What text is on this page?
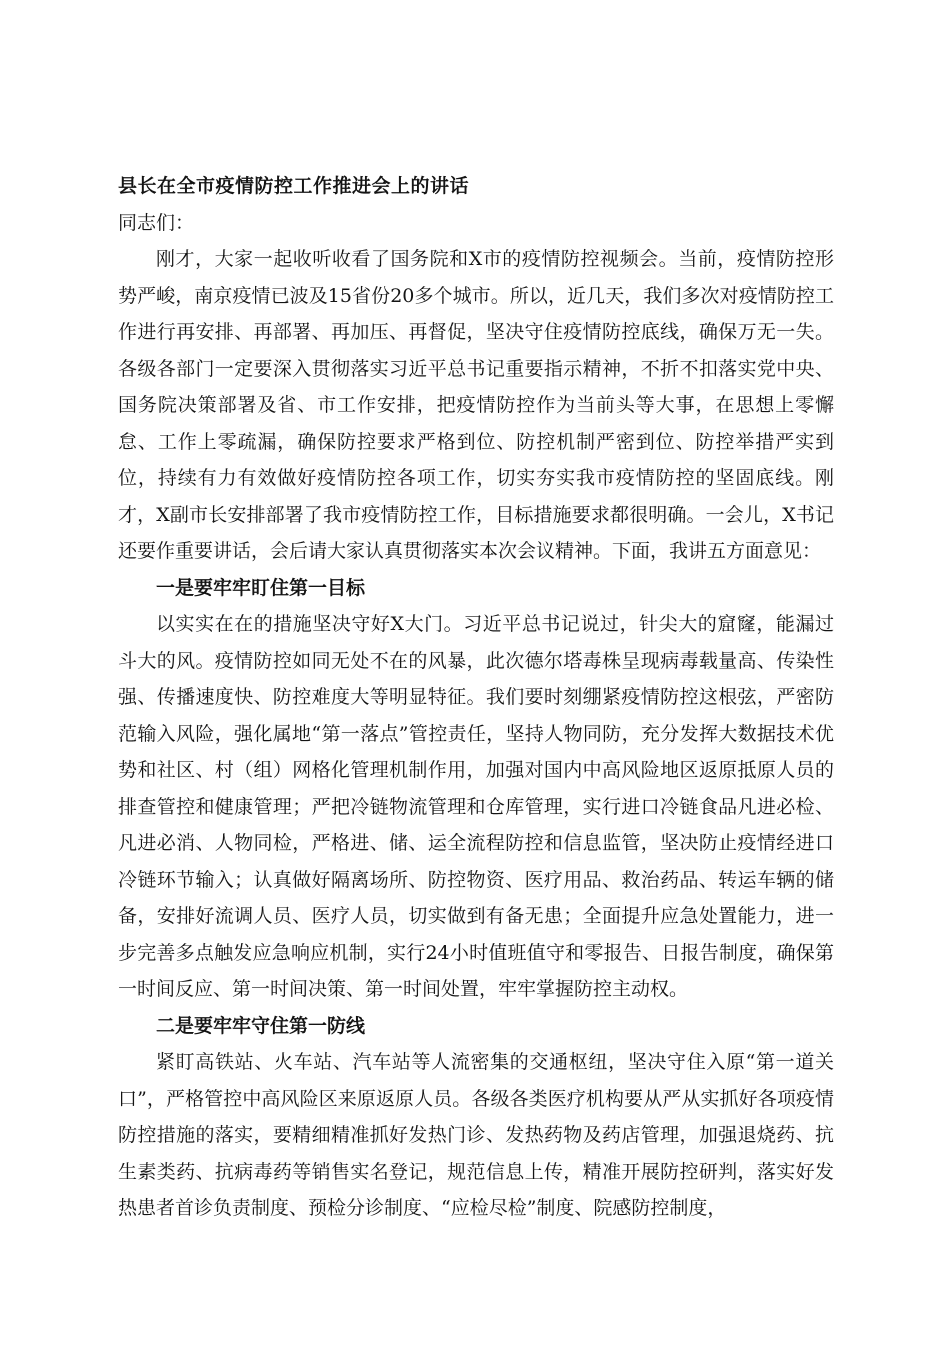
县长在全市疫情防控工作推进会上的讲话

同志们：

刚才，大家一起收听收看了国务院和X市的疫情防控视频会。当前，疫情防控形势严峻，南京疫情已波及15省份20多个城市。所以，近几天，我们多次对疫情防控工作进行再安排、再部署、再加压、再督促，坚决守住疫情防控底线，确保万无一失。各级各部门一定要深入贯彻落实习近平总书记重要指示精神，不折不扣落实党中央、国务院决策部署及省、市工作安排，把疫情防控作为当前头等大事，在思想上零懈怠、工作上零疏漏，确保防控要求严格到位、防控机制严密到位、防控举措严实到位，持续有力有效做好疫情防控各项工作，切实夯实我市疫情防控的坚固底线。刚才，X副市长安排部署了我市疫情防控工作，目标措施要求都很明确。一会儿，X书记还要作重要讲话，会后请大家认真贯彻落实本次会议精神。下面，我讲五方面意见：

一是要牢牢盯住第一目标

以实实在在的措施坚决守好X大门。习近平总书记说过，针尖大的窟窿，能漏过斗大的风。疫情防控如同无处不在的风暴，此次德尔塔毒株呈现病毒载量高、传染性强、传播速度快、防控难度大等明显特征。我们要时刻绷紧疫情防控这根弦，严密防范输入风险，强化属地“第一落点”管控责任，坚持人物同防，充分发挥大数据技术优势和社区、村（组）网格化管理机制作用，加强对国内中高风险地区返原抵原人员的排查管控和健康管理；严把冷链物流管理和仓库管理，实行进口冷链食品凡进必检、凡进必消、人物同检，严格进、储、运全流程防控和信息监管，坚决防止疫情经进口冷链环节输入；认真做好隔离场所、防控物资、医疗用品、救治药品、转运车辆的储备，安排好流调人员、医疗人员，切实做到有备无患；全面提升应急处置能力，进一步完善多点触发应急响应机制，实行24小时值班值守和零报告、日报告制度，确保第一时间反应、第一时间决策、第一时间处置，牢牢掌握防控主动权。

二是要牢牢守住第一防线

紧盯高铁站、火车站、汽车站等人流密集的交通枢纽，坚决守住入原“第一道关口”，严格管控中高风险区来原返原人员。各级各类医疗机构要从严从实抓好各项疫情防控措施的落实，要精细精准抓好发热门诊、发热药物及药店管理，加强退烧药、抗生素类药、抗病毒药等销售实名登记，规范信息上传，精准开展防控研判，落实好发热患者首诊负责制度、预检分诊制度、“应检尽检”制度、院感防控制度，
